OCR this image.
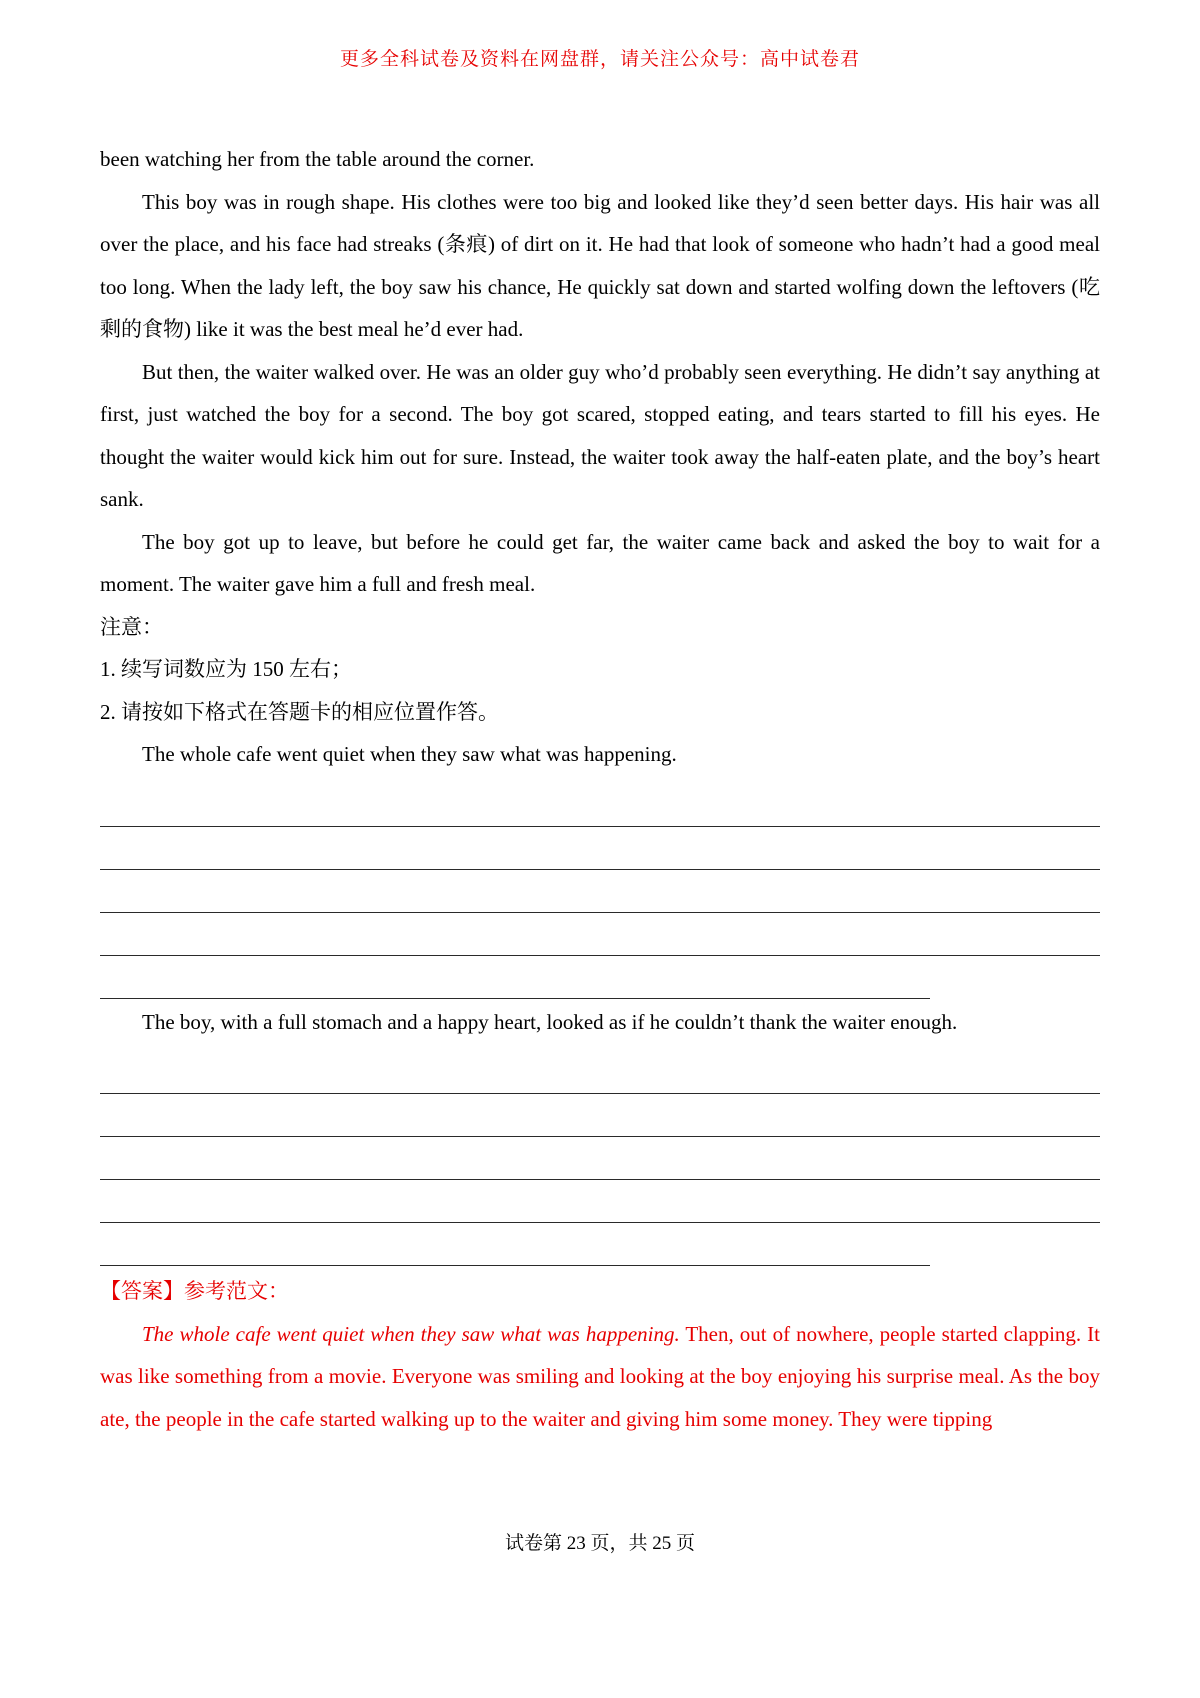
更多全科试卷及资料在网盘群，请关注公众号：高中试卷君

been watching her from the table around the corner.

This boy was in rough shape. His clothes were too big and looked like they’d seen better days. His hair was all over the place, and his face had streaks (条痕) of dirt on it. He had that look of someone who hadn’t had a good meal too long. When the lady left, the boy saw his chance, He quickly sat down and started wolfing down the leftovers (吃剩的食物) like it was the best meal he’d ever had.

But then, the waiter walked over. He was an older guy who’d probably seen everything. He didn’t say anything at first, just watched the boy for a second. The boy got scared, stopped eating, and tears started to fill his eyes. He thought the waiter would kick him out for sure. Instead, the waiter took away the half-eaten plate, and the boy’s heart sank.

The boy got up to leave, but before he could get far, the waiter came back and asked the boy to wait for a moment. The waiter gave him a full and fresh meal.

注意：

1. 续写词数应为 150 左右；

2. 请按如下格式在答题卡的相应位置作答。

The whole cafe went quiet when they saw what was happening.

The boy, with a full stomach and a happy heart, looked as if he couldn’t thank the waiter enough.

【答案】参考范文：

The whole cafe went quiet when they saw what was happening. Then, out of nowhere, people started clapping. It was like something from a movie. Everyone was smiling and looking at the boy enjoying his surprise meal. As the boy ate, the people in the cafe started walking up to the waiter and giving him some money. They were tipping

试卷第 23 页，共 25 页
